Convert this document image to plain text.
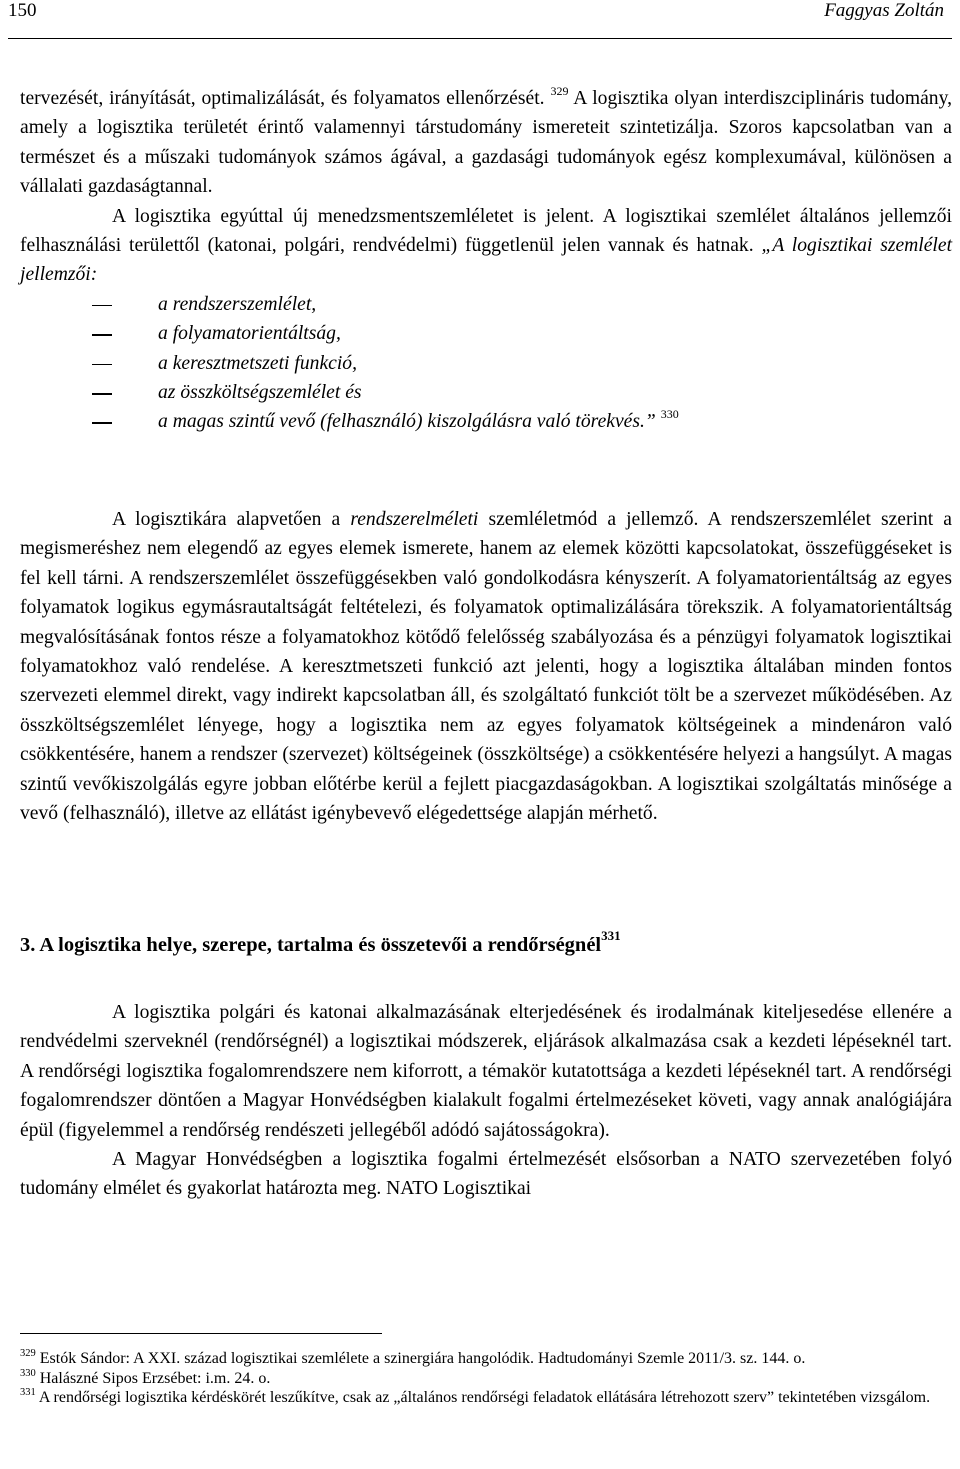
150	Faggyas Zoltán

tervezését, irányítását, optimalizálását, és folyamatos ellenőrzését. $^{329}$ A logisztika olyan interdiszciplináris tudomány, amely a logisztika területét érintő valamennyi társtudomány ismereteit szintetizálja. Szoros kapcsolatban van a természet és a műszaki tudományok számos ágával, a gazdasági tudományok egész komplexumával, különösen a vállalati gazdaságtannal.

A logisztika egyúttal új menedzsmentszemléletet is jelent. A logisztikai szemlélet általános jellemzői felhasználási területtől (katonai, polgári, rendvédelmi) függetlenül jelen vannak és hatnak. „A logisztikai szemlélet jellemzői:

a rendszerszemlélet,
a folyamatorientáltság,
a keresztmetszeti funkció,
az összköltségszemlélet és
a magas szintű vevő (felhasználó) kiszolgálásra való törekvés.” $^{330}$

A logisztikára alapvetően a rendszerelméleti szemléletmód a jellemző. A rendszerszemlélet szerint a megismeréshez nem elegendő az egyes elemek ismerete, hanem az elemek közötti kapcsolatokat, összefüggéseket is fel kell tárni. A rendszerszemlélet összefüggésekben való gondolkodásra kényszerít. A folyamatorientáltság az egyes folyamatok logikus egymásrautaltságát feltételezi, és folyamatok optimalizálására törekszik. A folyamatorientáltság megvalósításának fontos része a folyamatokhoz kötődő felelősség szabályozása és a pénzügyi folyamatok logisztikai folyamatokhoz való rendelése. A keresztmetszeti funkció azt jelenti, hogy a logisztika általában minden fontos szervezeti elemmel direkt, vagy indirekt kapcsolatban áll, és szolgáltató funkciót tölt be a szervezet működésében. Az összköltségszemlélet lényege, hogy a logisztika nem az egyes folyamatok költségeinek a mindenáron való csökkentésére, hanem a rendszer (szervezet) költségeinek (összköltsége) a csökkentésére helyezi a hangsúlyt. A magas szintű vevőkiszolgálás egyre jobban előtérbe kerül a fejlett piacgazdaságokban. A logisztikai szolgáltatás minősége a vevő (felhasználó), illetve az ellátást igénybevevő elégedettsége alapján mérhető.

3. A logisztika helye, szerepe, tartalma és összetevői a rendőrségnél$^{331}$

A logisztika polgári és katonai alkalmazásának elterjedésének és irodalmának kiteljesedése ellenére a rendvédelmi szerveknél (rendőrségnél) a logisztikai módszerek, eljárások alkalmazása csak a kezdeti lépéseknél tart. A rendőrségi logisztika fogalomrendszere nem kiforrott, a témakör kutatottsága a kezdeti lépéseknél tart. A rendőrségi fogalomrendszer döntően a Magyar Honvédségben kialakult fogalmi értelmezéseket követi, vagy annak analógiájára épül (figyelemmel a rendőrség rendészeti jellegéből adódó sajátosságokra).

A Magyar Honvédségben a logisztika fogalmi értelmezését elsősorban a NATO szervezetében folyó tudomány elmélet és gyakorlat határozta meg. NATO Logisztikai

$^{329}$ Estók Sándor: A XXI. század logisztikai szemlélete a szinergiára hangolódik. Hadtudományi Szemle 2011/3. sz. 144. o.

$^{330}$ Halászné Sipos Erzsébet: i.m. 24. o.

$^{331}$ A rendőrségi logisztika kérdéskörét leszűkítve, csak az „általános rendőrségi feladatok ellátására létrehozott szerv” tekintetében vizsgálom.
